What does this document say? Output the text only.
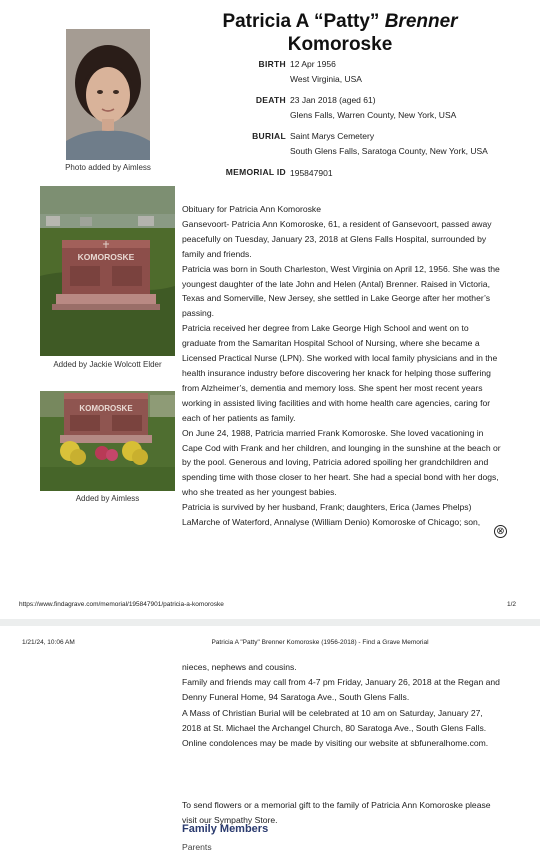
Patricia A “Patty” Brenner
Komoroske
Photo added by Aimless
BIRTH 12 Apr 1956
West Virginia, USA
DEATH 23 Jan 2018 (aged 61)
Glens Falls, Warren County, New York, USA
BURIAL Saint Marys Cemetery
South Glens Falls, Saratoga County, New York, USA
MEMORIAL ID 195847901
KOMOROSKE
Added by Jackie Wolcott Elder
KOMOROSKE
Added by Aimless

Obituary for Patricia Ann Komoroske

Gansevoort- Patricia Ann Komoroske, 61, a resident of Gansevoort, passed away peacefully on Tuesday, January 23, 2018 at Glens Falls Hospital, surrounded by family and friends.

Patricia was born in South Charleston, West Virginia on April 12, 1956. She was the youngest daughter of the late John and Helen (Antal) Brenner. Raised in Victoria, Texas and Somerville, New Jersey, she settled in Lake George after her mother’s passing.

Patricia received her degree from Lake George High School and went on to graduate from the Samaritan Hospital School of Nursing, where she became a Licensed Practical Nurse (LPN). She worked with local family physicians and in the health insurance industry before discovering her knack for helping those suffering from Alzheimer’s, dementia and memory loss. She spent her most recent years working in assisted living facilities and with home health care agencies, caring for each of her patients as family.

On June 24, 1988, Patricia married Frank Komoroske. She loved vacationing in Cape Cod with Frank and her children, and lounging in the sunshine at the beach or by the pool. Generous and loving, Patricia adored spoiling her grandchildren and spending time with those closer to her heart. She had a special bond with her dogs, who she treated as her youngest babies.

Patricia is survived by her husband, Frank; daughters, Erica (James Phelps) LaMarche of Waterford, Annalyse (William Denio) Komoroske of Chicago; son,

⊗
https://www.findagrave.com/memorial/195847901/patricia-a-komoroske	1/2
1/21/24, 10:06 AM	Patricia A "Patty" Brenner Komoroske (1956-2018) - Find a Grave Memorial

nieces, nephews and cousins.

Family and friends may call from 4-7 pm Friday, January 26, 2018 at the Regan and Denny Funeral Home, 94 Saratoga Ave., South Glens Falls.

A Mass of Christian Burial will be celebrated at 10 am on Saturday, January 27, 2018 at St. Michael the Archangel Church, 80 Saratoga Ave., South Glens Falls.

Online condolences may be made by visiting our website at sbfuneralhome.com.

To send flowers or a memorial gift to the family of Patricia Ann Komoroske please visit our Sympathy Store.
Family Members
Parents
